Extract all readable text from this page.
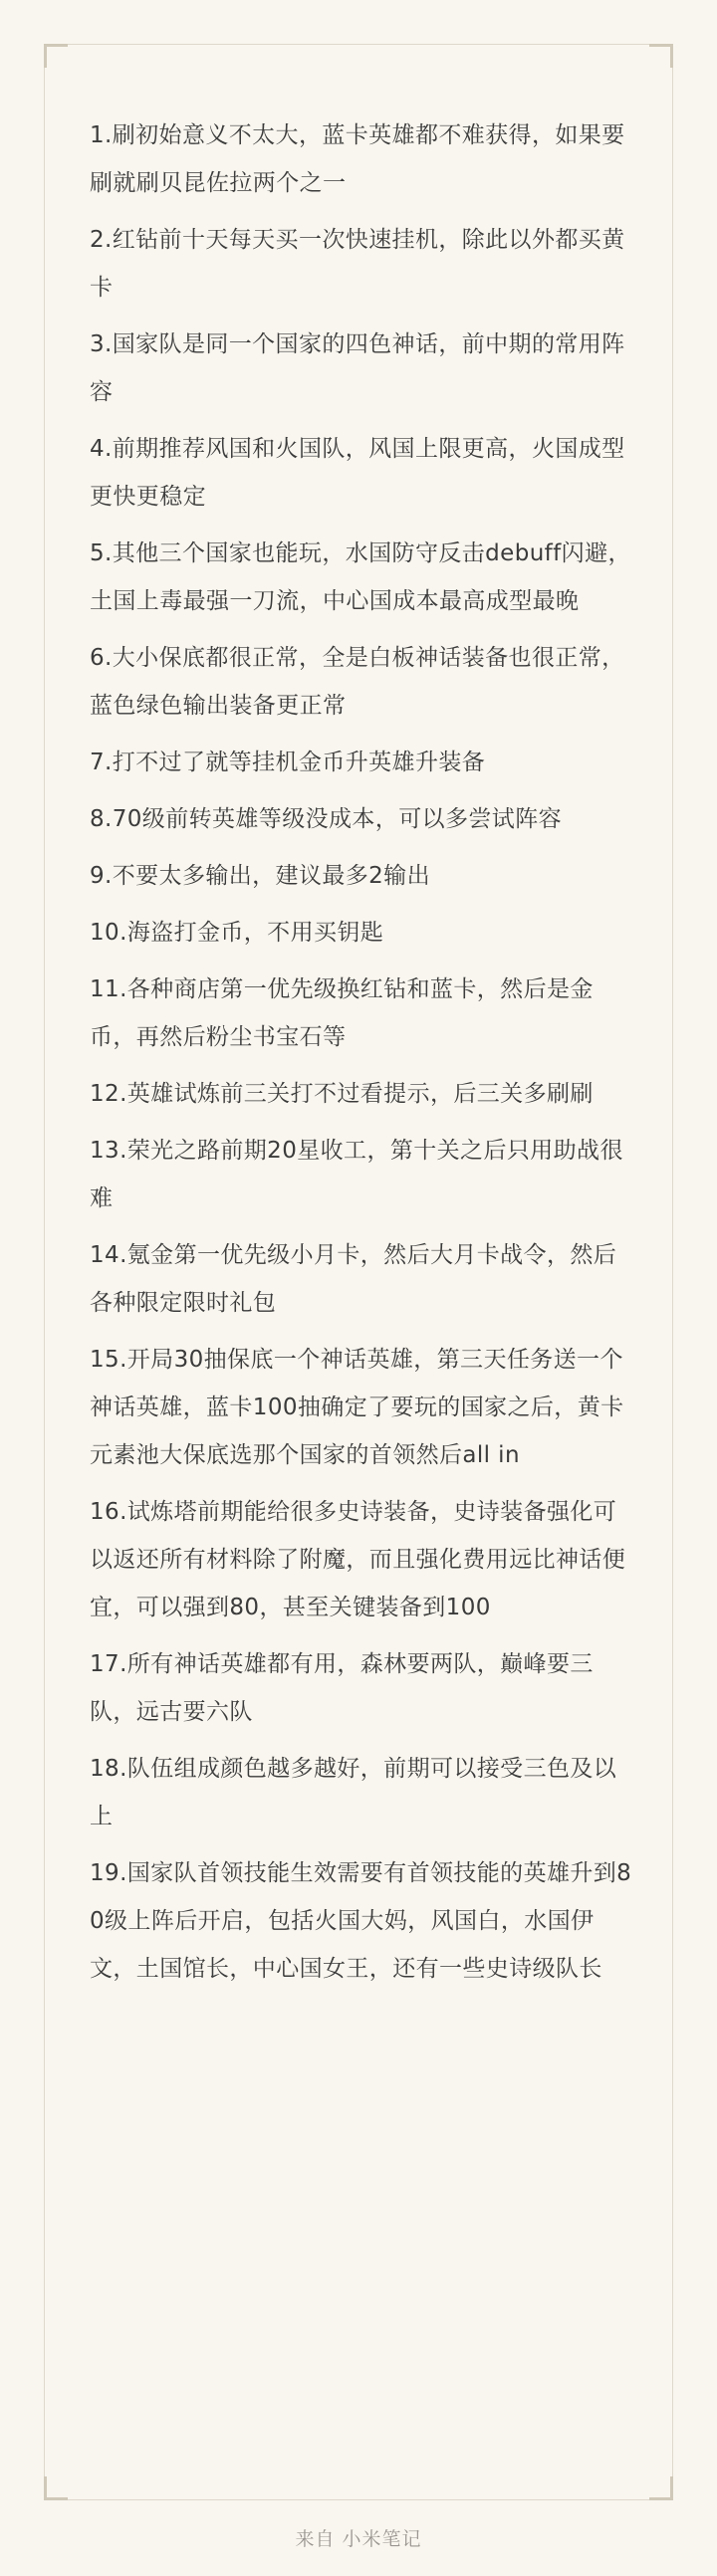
1.刷初始意义不太大，蓝卡英雄都不难获得，如果要刷就刷贝昆佐拉两个之一
2.红钻前十天每天买一次快速挂机，除此以外都买黄卡
3.国家队是同一个国家的四色神话，前中期的常用阵容
4.前期推荐风国和火国队，风国上限更高，火国成型更快更稳定
5.其他三个国家也能玩，水国防守反击debuff闪避，土国上毒最强一刀流，中心国成本最高成型最晚
6.大小保底都很正常，全是白板神话装备也很正常，蓝色绿色输出装备更正常
7.打不过了就等挂机金币升英雄升装备
8.70级前转英雄等级没成本，可以多尝试阵容
9.不要太多输出，建议最多2输出
10.海盗打金币，不用买钥匙
11.各种商店第一优先级换红钻和蓝卡，然后是金币，再然后粉尘书宝石等
12.英雄试炼前三关打不过看提示，后三关多刷刷
13.荣光之路前期20星收工，第十关之后只用助战很难
14.氪金第一优先级小月卡，然后大月卡战令，然后各种限定限时礼包
15.开局30抽保底一个神话英雄，第三天任务送一个神话英雄，蓝卡100抽确定了要玩的国家之后，黄卡元素池大保底选那个国家的首领然后all in
16.试炼塔前期能给很多史诗装备，史诗装备强化可以返还所有材料除了附魔，而且强化费用远比神话便宜，可以强到80，甚至关键装备到100
17.所有神话英雄都有用，森林要两队，巅峰要三队，远古要六队
18.队伍组成颜色越多越好，前期可以接受三色及以上
19.国家队首领技能生效需要有首领技能的英雄升到80级上阵后开启，包括火国大妈，风国白，水国伊文，土国馆长，中心国女王，还有一些史诗级队长
来自 小米笔记
